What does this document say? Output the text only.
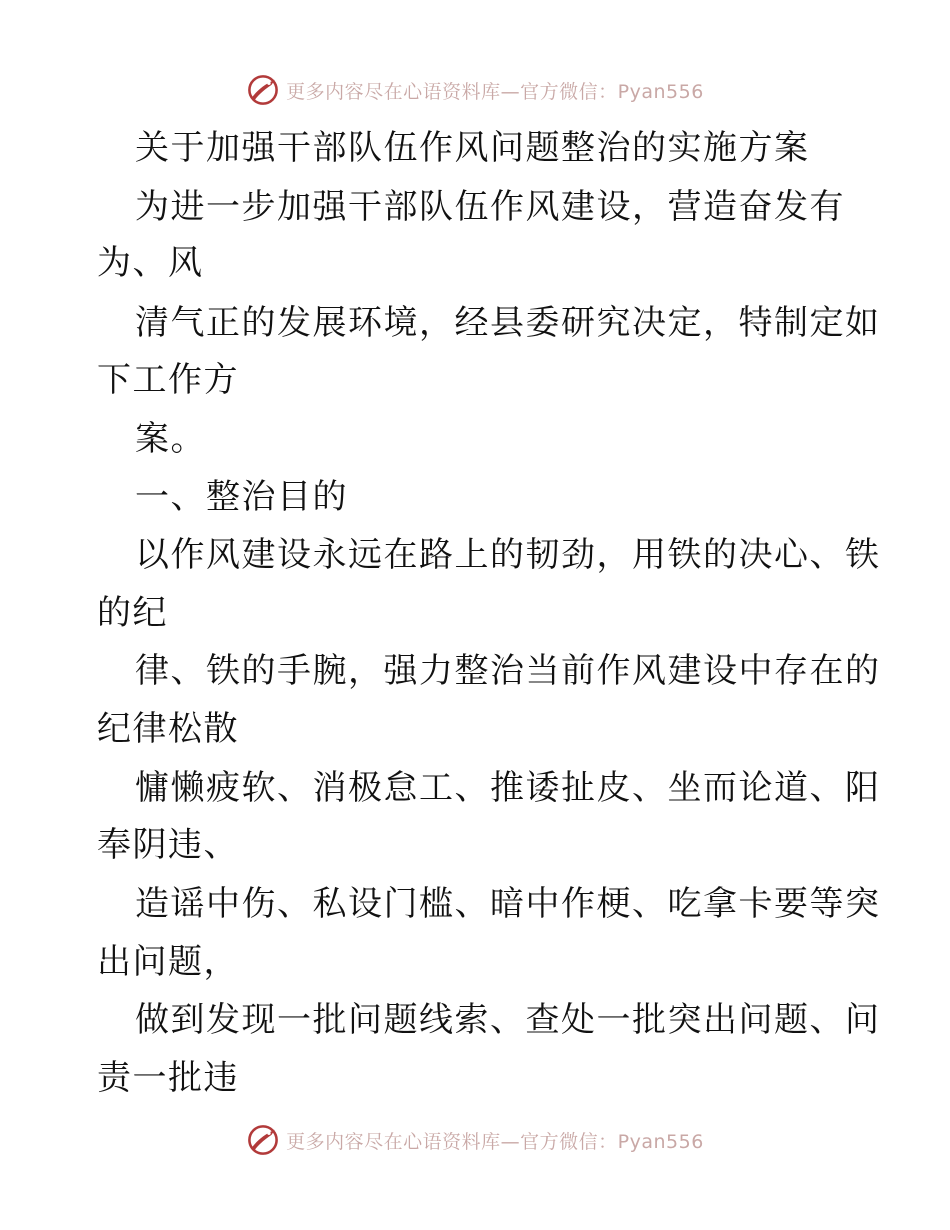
更多内容尽在心语资料库—官方微信：Pyan556
关于加强干部队伍作风问题整治的实施方案
为进一步加强干部队伍作风建设，营造奋发有
为、风
清气正的发展环境，经县委研究决定，特制定如
下工作方
案。
一、整治目的
以作风建设永远在路上的韧劲，用铁的决心、铁
的纪
律、铁的手腕，强力整治当前作风建设中存在的
纪律松散
慵懒疲软、消极怠工、推诿扯皮、坐而论道、阳
奉阴违、
造谣中伤、私设门槛、暗中作梗、吃拿卡要等突
出问题，
做到发现一批问题线索、查处一批突出问题、问
责一批违
更多内容尽在心语资料库—官方微信：Pyan556
